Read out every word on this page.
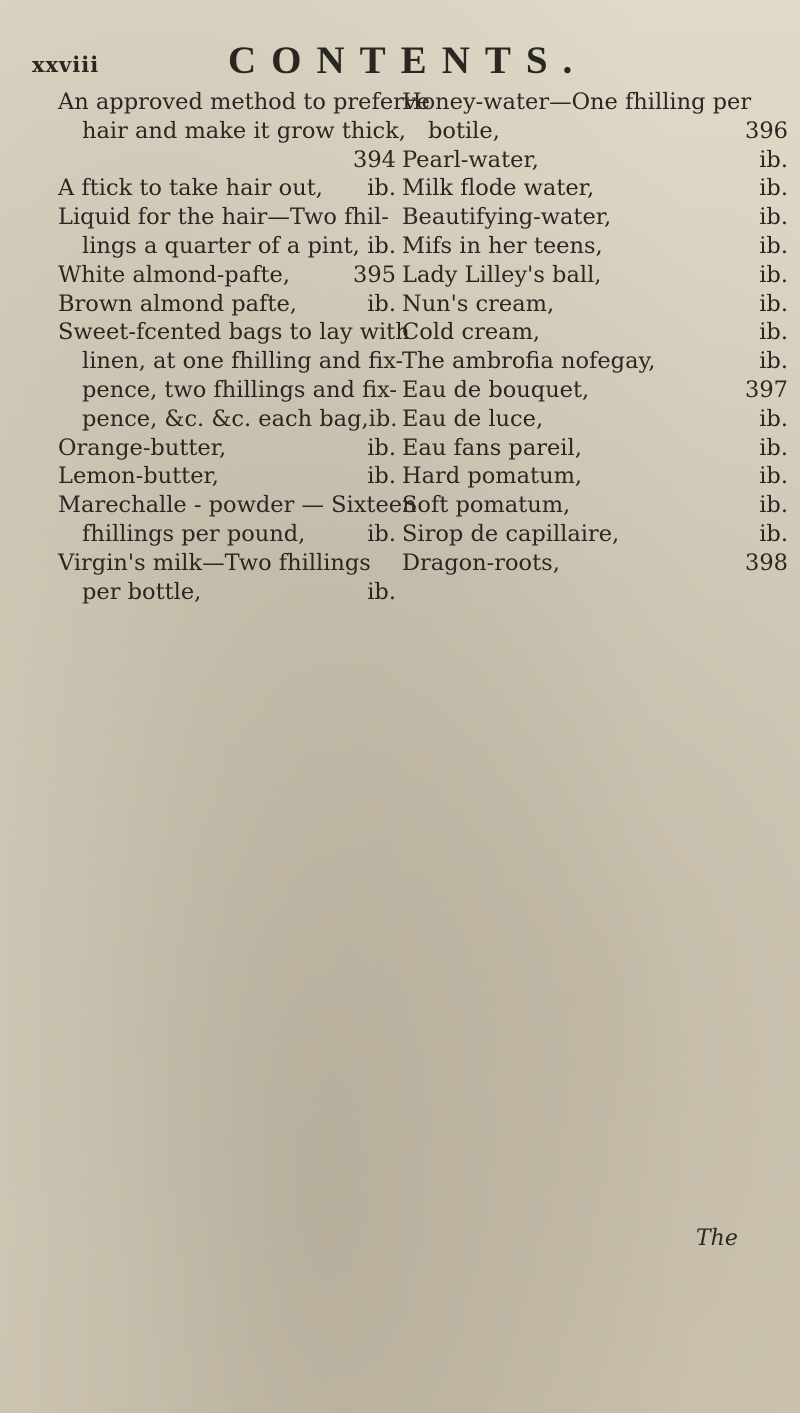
xxviii	CONTENTS.
An approved method to preferve
hair and make it grow thick,
394
A ftick to take hair out,	ib.
Liquid for the hair—Two fhil-
lings a quarter of a pint, ib.
White almond-pafte,	395
Brown almond pafte,	ib.
Sweet-fcented bags to lay with
linen, at one fhilling and fix-
pence, two fhillings and fix-
pence, &c. &c. each bag, ib.
Orange-butter,	ib.
Lemon-butter,	ib.
Marechalle - powder — Sixteen
fhillings per pound,	ib.
Virgin's milk—Two fhillings
per bottle,	ib.
Honey-water—One fhilling per
botile,	396
Pearl-water,	ib.
Milk flode water,	ib.
Beautifying-water,	ib.
Mifs in her teens,	ib.
Lady Lilley's ball,	ib.
Nun's cream,	ib.
Cold cream,	ib.
The ambrofia nofegay,	ib.
Eau de bouquet,	397
Eau de luce,	ib.
Eau fans pareil,	ib.
Hard pomatum,	ib.
Soft pomatum,	ib.
Sirop de capillaire,	ib.
Dragon-roots,	398
The
